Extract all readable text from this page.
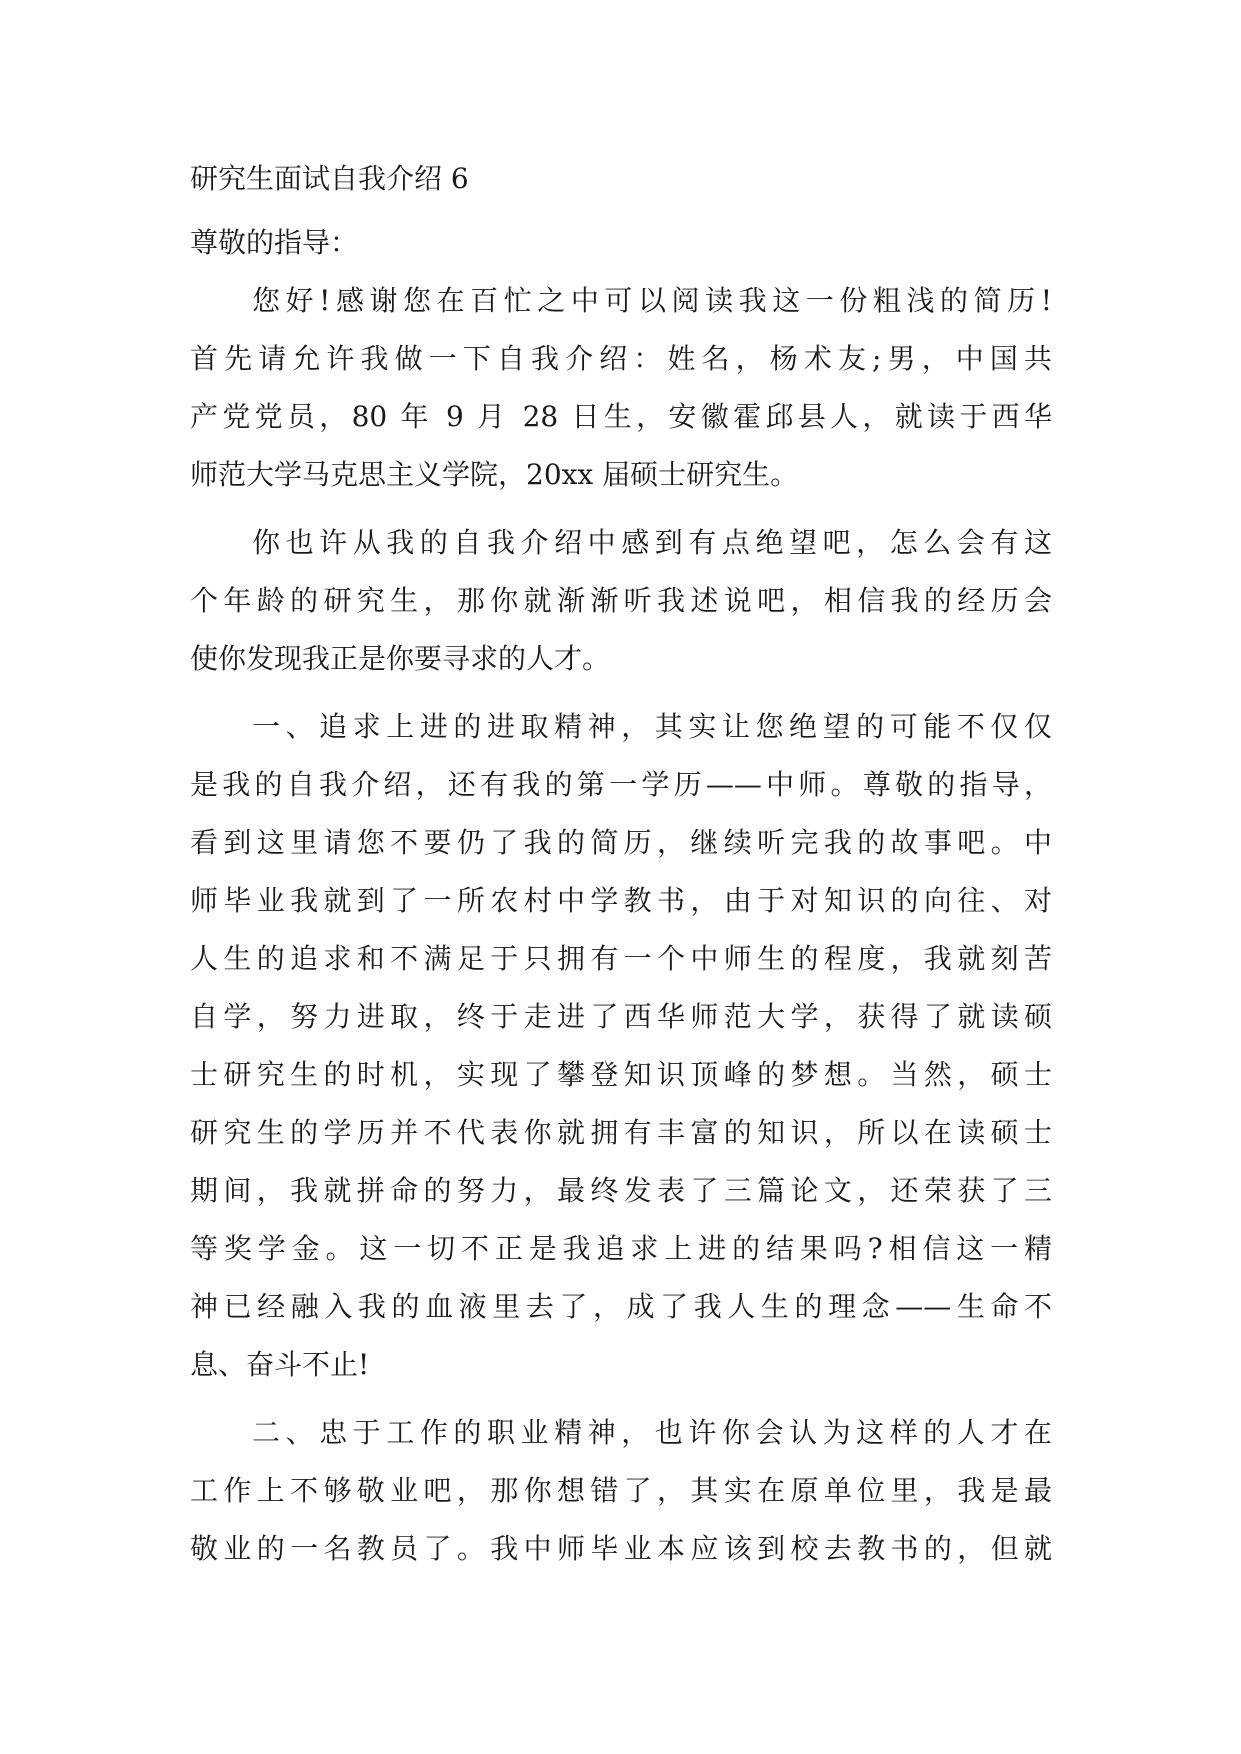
研究生面试自我介绍 6

尊敬的指导：

您好!感谢您在百忙之中可以阅读我这一份粗浅的简历!
首先请允许我做一下自我介绍：姓名，杨术友;男，中国共
产党党员，80 年 9 月 28 日生，安徽霍邱县人，就读于西华
师范大学马克思主义学院，20xx 届硕士研究生。
你也许从我的自我介绍中感到有点绝望吧，怎么会有这
个年龄的研究生，那你就渐渐听我述说吧，相信我的经历会
使你发现我正是你要寻求的人才。
一、追求上进的进取精神，其实让您绝望的可能不仅仅
是我的自我介绍，还有我的第一学历——中师。尊敬的指导，
看到这里请您不要仍了我的简历，继续听完我的故事吧。中
师毕业我就到了一所农村中学教书，由于对知识的向往、对
人生的追求和不满足于只拥有一个中师生的程度，我就刻苦
自学，努力进取，终于走进了西华师范大学，获得了就读硕
士研究生的时机，实现了攀登知识顶峰的梦想。当然，硕士
研究生的学历并不代表你就拥有丰富的知识，所以在读硕士
期间，我就拼命的努力，最终发表了三篇论文，还荣获了三
等奖学金。这一切不正是我追求上进的结果吗?相信这一精
神已经融入我的血液里去了，成了我人生的理念——生命不
息、奋斗不止!
二、忠于工作的职业精神，也许你会认为这样的人才在
工作上不够敬业吧，那你想错了，其实在原单位里，我是最
敬业的一名教员了。我中师毕业本应该到校去教书的，但就
